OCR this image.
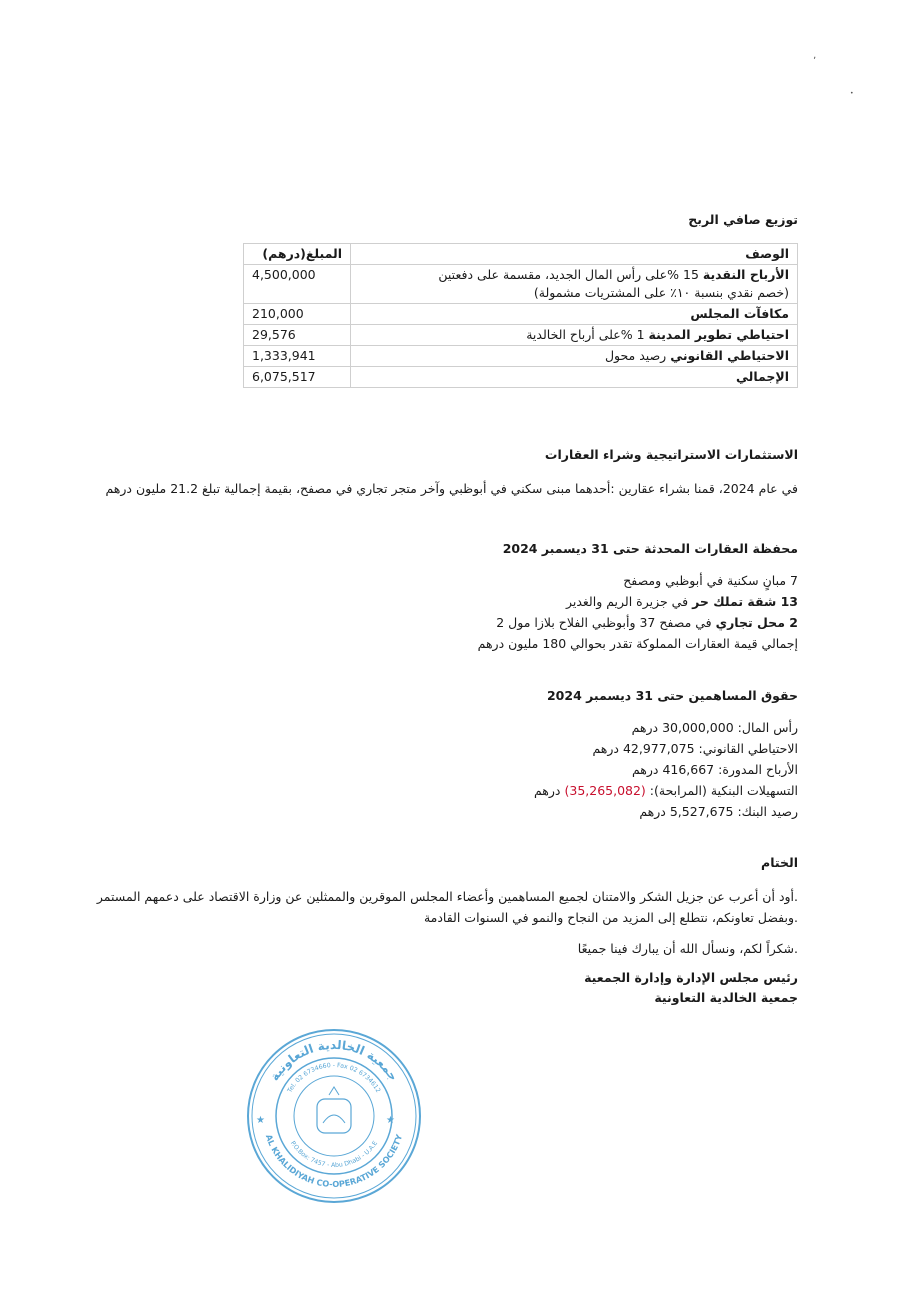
ʼ
•
توزيع صافي الربح
الوصف	المبلغ(درهم)
الأرباح النقدية 15 %على رأس المال الجديد، مقسمة على دفعتين
(خصم نقدي بنسبة ١٠٪ على المشتريات مشمولة)	4,500,000
مكافآت المجلس	210,000
احتياطي تطوير المدينة 1 %على أرباح الخالدية	29,576
الاحتياطي القانوني رصيد محول	1,333,941
الإجمالي	6,075,517
الاستثمارات الاستراتيجية وشراء العقارات
في عام 2024، قمنا بشراء عقارين :أحدهما مبنى سكني في أبوظبي وآخر متجر تجاري في مصفح، بقيمة إجمالية تبلغ 21.2 مليون درهم
محفظة العقارات المحدثة حتى 31 ديسمبر 2024
7 مبانٍ سكنية في أبوظبي ومصفح
13 شقة تملك حر في جزيرة الريم والغدير
2 محل تجاري في مصفح 37 وأبوظبي الفلاح بلازا مول 2
إجمالي قيمة العقارات المملوكة تقدر بحوالي 180 مليون درهم
حقوق المساهمين حتى 31 ديسمبر 2024
رأس المال: 30,000,000 درهم
الاحتياطي القانوني: 42,977,075 درهم
الأرباح المدورة: 416,667 درهم
التسهيلات البنكية (المرابحة): (35,265,082) درهم
رصيد البنك: 5,527,675 درهم
الختام
.أود أن أعرب عن جزيل الشكر والامتنان لجميع المساهمين وأعضاء المجلس الموقرين والممثلين عن وزارة الاقتصاد على دعمهم المستمر
.وبفضل تعاونكم، نتطلع إلى المزيد من النجاح والنمو في السنوات القادمة
.شكراً لكم، ونسأل الله أن يبارك فينا جميعًا
رئيس مجلس الإدارة وإدارة الجمعية
جمعية الخالدية التعاونية
جمعية الخالدية التعاونية
AL KHALIDIYAH CO-OPERATIVE SOCIETY
Tel. 02 6734660 - Fax 02 6734612
P.O.Box: 7457 - Abu Dhabi - U.A.E
★	★
